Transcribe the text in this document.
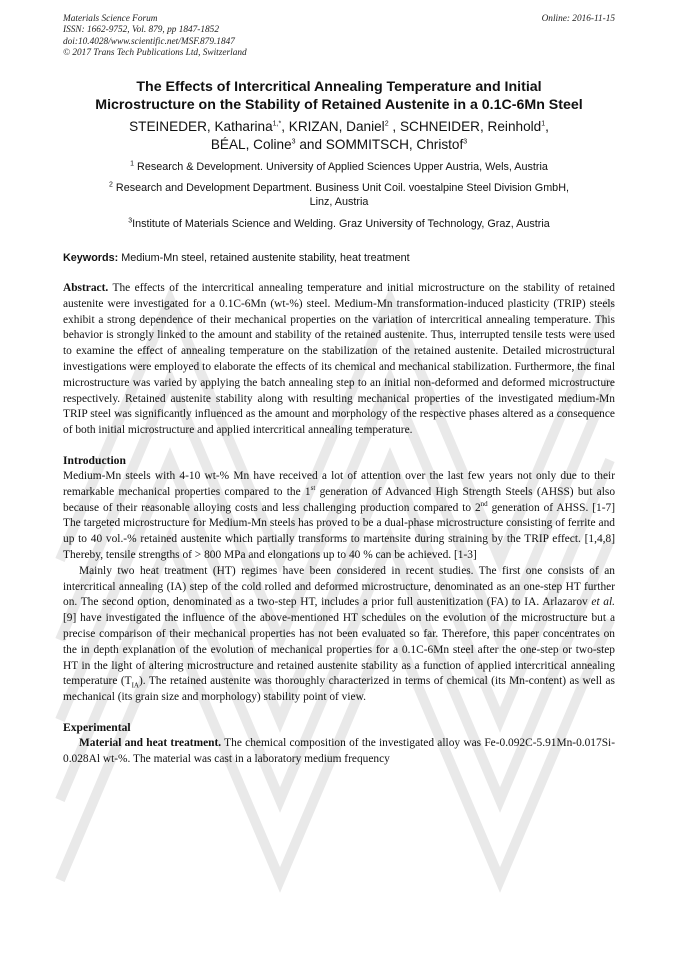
Materials Science Forum
ISSN: 1662-9752, Vol. 879, pp 1847-1852
doi:10.4028/www.scientific.net/MSF.879.1847
© 2017 Trans Tech Publications Ltd, Switzerland
Online: 2016-11-15
The Effects of Intercritical Annealing Temperature and Initial
Microstructure on the Stability of Retained Austenite in a 0.1C-6Mn Steel
STEINEDER, Katharina$^{1,*}$, KRIZAN, Daniel$^2$ , SCHNEIDER, Reinhold$^1$,
BÉAL, Coline$^3$ and SOMMITSCH, Christof$^3$
$^1$ Research & Development. University of Applied Sciences Upper Austria, Wels, Austria
$^2$ Research and Development Department. Business Unit Coil. voestalpine Steel Division GmbH,
Linz, Austria
$^3$Institute of Materials Science and Welding. Graz University of Technology, Graz, Austria
Keywords: Medium-Mn steel, retained austenite stability, heat treatment
Abstract. The effects of the intercritical annealing temperature and initial microstructure on the stability of retained austenite were investigated for a 0.1C-6Mn (wt-%) steel. Medium-Mn transformation-induced plasticity (TRIP) steels exhibit a strong dependence of their mechanical properties on the variation of intercritical annealing temperature. This behavior is strongly linked to the amount and stability of the retained austenite. Thus, interrupted tensile tests were used to examine the effect of annealing temperature on the stabilization of the retained austenite. Detailed microstructural investigations were employed to elaborate the effects of its chemical and mechanical stabilization. Furthermore, the final microstructure was varied by applying the batch annealing step to an initial non-deformed and deformed microstructure respectively. Retained austenite stability along with resulting mechanical properties of the investigated medium-Mn TRIP steel was significantly influenced as the amount and morphology of the respective phases altered as a consequence of both initial microstructure and applied intercritical annealing temperature.
Introduction
Medium-Mn steels with 4-10 wt-% Mn have received a lot of attention over the last few years not only due to their remarkable mechanical properties compared to the 1st generation of Advanced High Strength Steels (AHSS) but also because of their reasonable alloying costs and less challenging production compared to 2nd generation of AHSS. [1-7] The targeted microstructure for Medium-Mn steels has proved to be a dual-phase microstructure consisting of ferrite and up to 40 vol.-% retained austenite which partially transforms to martensite during straining by the TRIP effect. [1,4,8] Thereby, tensile strengths of > 800 MPa and elongations up to 40 % can be achieved. [1-3]
Mainly two heat treatment (HT) regimes have been considered in recent studies. The first one consists of an intercritical annealing (IA) step of the cold rolled and deformed microstructure, denominated as an one-step HT further on. The second option, denominated as a two-step HT, includes a prior full austenitization (FA) to IA. Arlazarov et al. [9] have investigated the influence of the above-mentioned HT schedules on the evolution of the microstructure but a precise comparison of their mechanical properties has not been evaluated so far. Therefore, this paper concentrates on the in depth explanation of the evolution of mechanical properties for a 0.1C-6Mn steel after the one-step or two-step HT in the light of altering microstructure and retained austenite stability as a function of applied intercritical annealing temperature $(T_{IA})$. The retained austenite was thoroughly characterized in terms of chemical (its Mn-content) as well as mechanical (its grain size and morphology) stability point of view.
Experimental
Material and heat treatment. The chemical composition of the investigated alloy was Fe-0.092C-5.91Mn-0.017Si-0.028Al wt-%. The material was cast in a laboratory medium frequency
